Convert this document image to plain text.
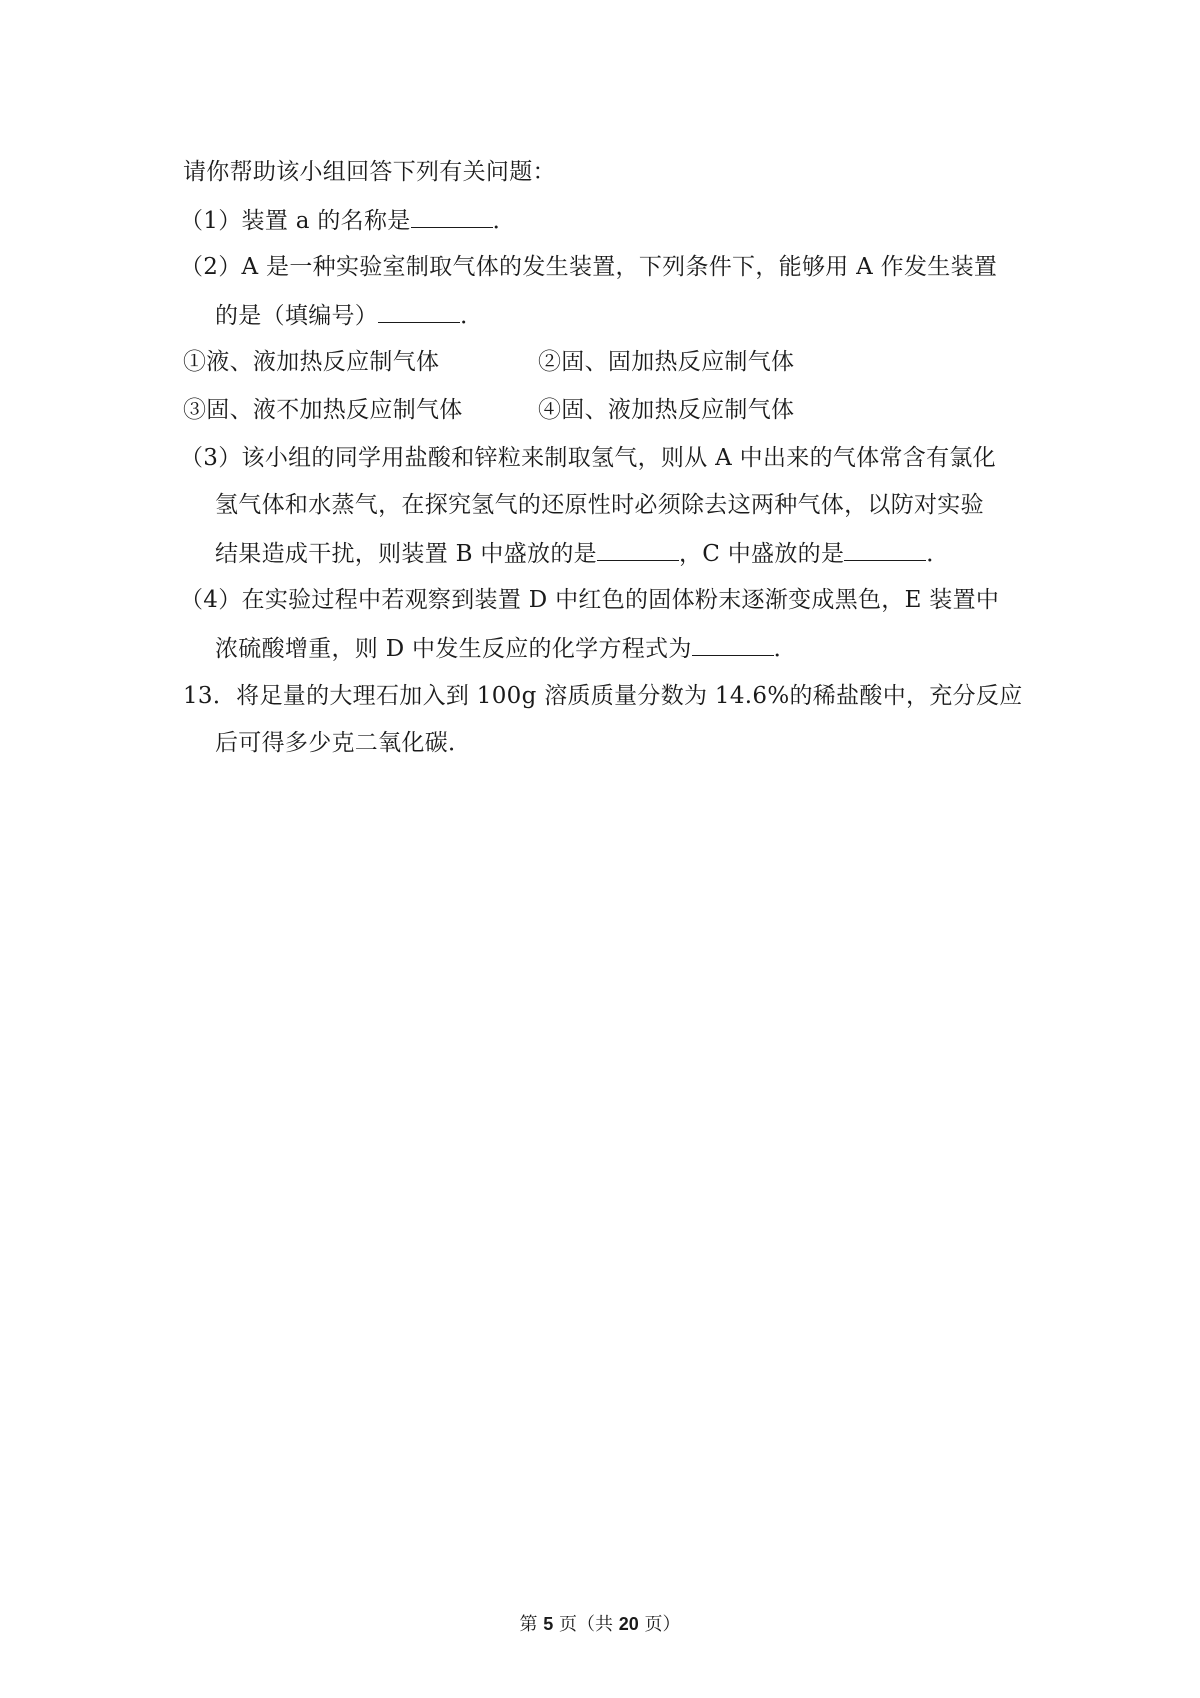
请你帮助该小组回答下列有关问题：
（1）装置 a 的名称是	．
（2）A 是一种实验室制取气体的发生装置，下列条件下，能够用 A 作发生装置
的是（填编号）	．
①液、液加热反应制气体	②固、固加热反应制气体
③固、液不加热反应制气体	④固、液加热反应制气体
（3）该小组的同学用盐酸和锌粒来制取氢气，则从 A 中出来的气体常含有氯化
氢气体和水蒸气，在探究氢气的还原性时必须除去这两种气体，以防对实验
结果造成干扰，则装置 B 中盛放的是	，C 中盛放的是	．
（4）在实验过程中若观察到装置 D 中红色的固体粉末逐渐变成黑色，E 装置中
浓硫酸增重，则 D 中发生反应的化学方程式为	．
13．将足量的大理石加入到 100g 溶质质量分数为 14.6%的稀盐酸中，充分反应
后可得多少克二氧化碳．
第 5 页（共 20 页）
